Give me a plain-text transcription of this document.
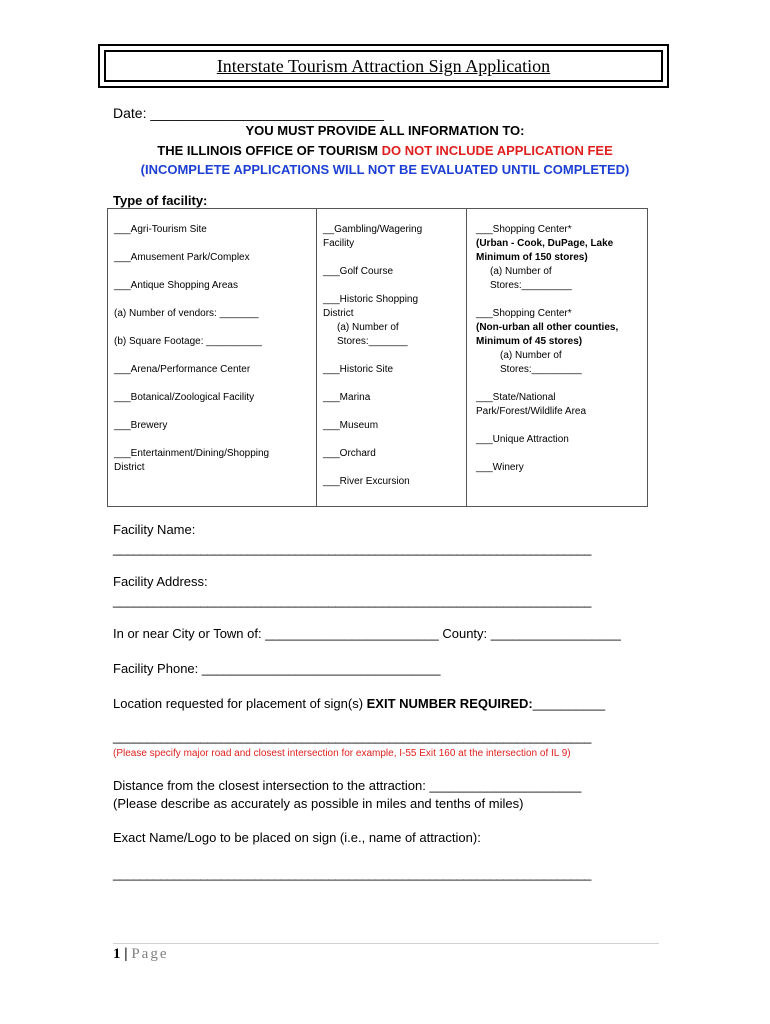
Interstate Tourism Attraction Sign Application
Date: ______________________________
YOU MUST PROVIDE ALL INFORMATION TO:
THE ILLINOIS OFFICE OF TOURISM DO NOT INCLUDE APPLICATION FEE
(INCOMPLETE APPLICATIONS WILL NOT BE EVALUATED UNTIL COMPLETED)
Type of facility:
___Agri-Tourism Site
___Amusement Park/Complex
___Antique Shopping Areas
(a) Number of vendors: _______
(b) Square Footage: __________
___Arena/Performance Center
___Botanical/Zoological Facility
___Brewery
___Entertainment/Dining/Shopping
District
__Gambling/Wagering
Facility
___Golf Course
___Historic Shopping
District
(a) Number of
Stores:_______
___Historic Site
___Marina
___Museum
___Orchard
___River Excursion
___Shopping Center*
(Urban - Cook, DuPage, Lake
Minimum of 150 stores)
(a) Number of
Stores:_________
___Shopping Center*
(Non-urban all other counties,
Minimum of 45 stores)
(a) Number of
Stores:_________
___State/National
Park/Forest/Wildlife Area
___Unique Attraction
___Winery
Facility Name:
_______________________________________________________________________
Facility Address:
_______________________________________________________________________
In or near City or Town of: ________________________ County: __________________
Facility Phone: _________________________________
Location requested for placement of sign(s) EXIT NUMBER REQUIRED:__________
_______________________________________________________________________
(Please specify major road and closest intersection for example, I-55 Exit 160 at the intersection of IL 9)
Distance from the closest intersection to the attraction: _____________________
(Please describe as accurately as possible in miles and tenths of miles)
Exact Name/Logo to be placed on sign (i.e., name of attraction):
_______________________________________________________________________
1 | Page
